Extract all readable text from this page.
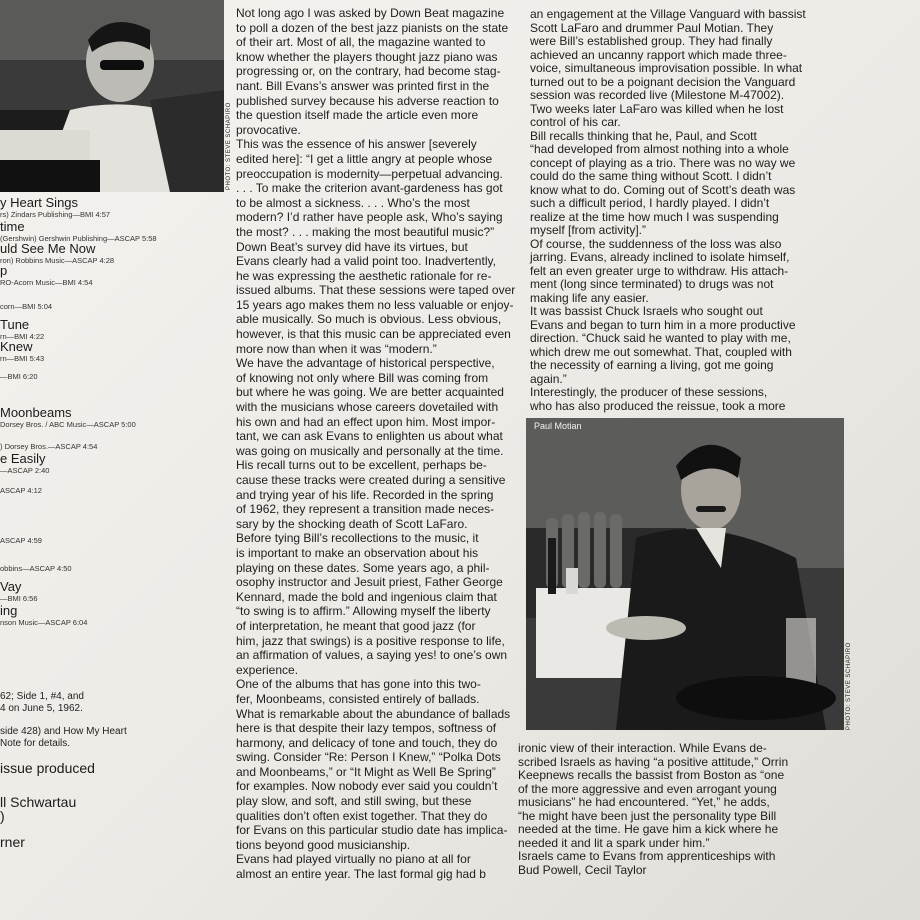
PHOTO: STEVE SCHAPIRO
y Heart Sings
rs) Zindars Publishing—BMI 4:57
time
(Gershwin) Gershwin Publishing—ASCAP 5:58
uld See Me Now
ron) Robbins Music—ASCAP 4:28
p
RO-Acorn Music—BMI 4:54
corn—BMI 5:04
Tune
rn—BMI 4:22
Knew
rn—BMI 5:43
—BMI 6:20
Moonbeams
Dorsey Bros. / ABC Music—ASCAP 5:00
) Dorsey Bros.—ASCAP 4:54
e Easily
—ASCAP 2:40
ASCAP 4:12
ASCAP 4:59
obbins—ASCAP 4:50
Vay
—BMI 6:56
ing
nson Music—ASCAP 6:04
62; Side 1, #4, and
4 on June 5, 1962.
side 428) and How My Heart
Note for details.
issue produced
ll Schwartau
)
rner
Not long ago I was asked by Down Beat magazine
to poll a dozen of the best jazz pianists on the state
of their art. Most of all, the magazine wanted to
know whether the players thought jazz piano was
progressing or, on the contrary, had become stag-
nant. Bill Evans’s answer was printed first in the
published survey because his adverse reaction to
the question itself made the article even more
provocative.
This was the essence of his answer [severely
edited here]: “I get a little angry at people whose
preoccupation is modernity—perpetual advancing.
. . . To make the criterion avant-gardeness has got
to be almost a sickness. . . . Who’s the most
modern? I’d rather have people ask, Who’s saying
the most? . . . making the most beautiful music?”
Down Beat’s survey did have its virtues, but
Evans clearly had a valid point too. Inadvertently,
he was expressing the aesthetic rationale for re-
issued albums. That these sessions were taped over
15 years ago makes them no less valuable or enjoy-
able musically. So much is obvious. Less obvious,
however, is that this music can be appreciated even
more now than when it was “modern.”
We have the advantage of historical perspective,
of knowing not only where Bill was coming from
but where he was going. We are better acquainted
with the musicians whose careers dovetailed with
his own and had an effect upon him. Most impor-
tant, we can ask Evans to enlighten us about what
was going on musically and personally at the time.
His recall turns out to be excellent, perhaps be-
cause these tracks were created during a sensitive
and trying year of his life. Recorded in the spring
of 1962, they represent a transition made neces-
sary by the shocking death of Scott LaFaro.
Before tying Bill’s recollections to the music, it
is important to make an observation about his
playing on these dates. Some years ago, a phil-
osophy instructor and Jesuit priest, Father George
Kennard, made the bold and ingenious claim that
“to swing is to affirm.” Allowing myself the liberty
of interpretation, he meant that good jazz (for
him, jazz that swings) is a positive response to life,
an affirmation of values, a saying yes! to one’s own
experience.
One of the albums that has gone into this two-
fer, Moonbeams, consisted entirely of ballads.
What is remarkable about the abundance of ballads
here is that despite their lazy tempos, softness of
harmony, and delicacy of tone and touch, they do
swing. Consider “Re: Person I Knew,” “Polka Dots
and Moonbeams,” or “It Might as Well Be Spring”
for examples. Now nobody ever said you couldn’t
play slow, and soft, and still swing, but these
qualities don’t often exist together. That they do
for Evans on this particular studio date has implica-
tions beyond good musicianship.
Evans had played virtually no piano at all for
almost an entire year. The last formal gig had b
an engagement at the Village Vanguard with bassist
Scott LaFaro and drummer Paul Motian. They
were Bill’s established group. They had finally
achieved an uncanny rapport which made three-
voice, simultaneous improvisation possible. In what
turned out to be a poignant decision the Vanguard
session was recorded live (Milestone M-47002).
Two weeks later LaFaro was killed when he lost
control of his car.
Bill recalls thinking that he, Paul, and Scott
“had developed from almost nothing into a whole
concept of playing as a trio. There was no way we
could do the same thing without Scott. I didn’t
know what to do. Coming out of Scott’s death was
such a difficult period, I hardly played. I didn’t
realize at the time how much I was suspending
myself [from activity].”
Of course, the suddenness of the loss was also
jarring. Evans, already inclined to isolate himself,
felt an even greater urge to withdraw. His attach-
ment (long since terminated) to drugs was not
making life any easier.
It was bassist Chuck Israels who sought out
Evans and began to turn him in a more productive
direction. “Chuck said he wanted to play with me,
which drew me out somewhat. That, coupled with
the necessity of earning a living, got me going
again.”
Interestingly, the producer of these sessions,
who has also produced the reissue, took a more
Paul Motian
PHOTO: STEVE SCHAPIRO
ironic view of their interaction. While Evans de-
scribed Israels as having “a positive attitude,” Orrin
Keepnews recalls the bassist from Boston as “one
of the more aggressive and even arrogant young
musicians” he had encountered. “Yet,” he adds,
“he might have been just the personality type Bill
needed at the time. He gave him a kick where he
needed it and lit a spark under him.”
Israels came to Evans from apprenticeships with
Bud Powell, Cecil Taylor
